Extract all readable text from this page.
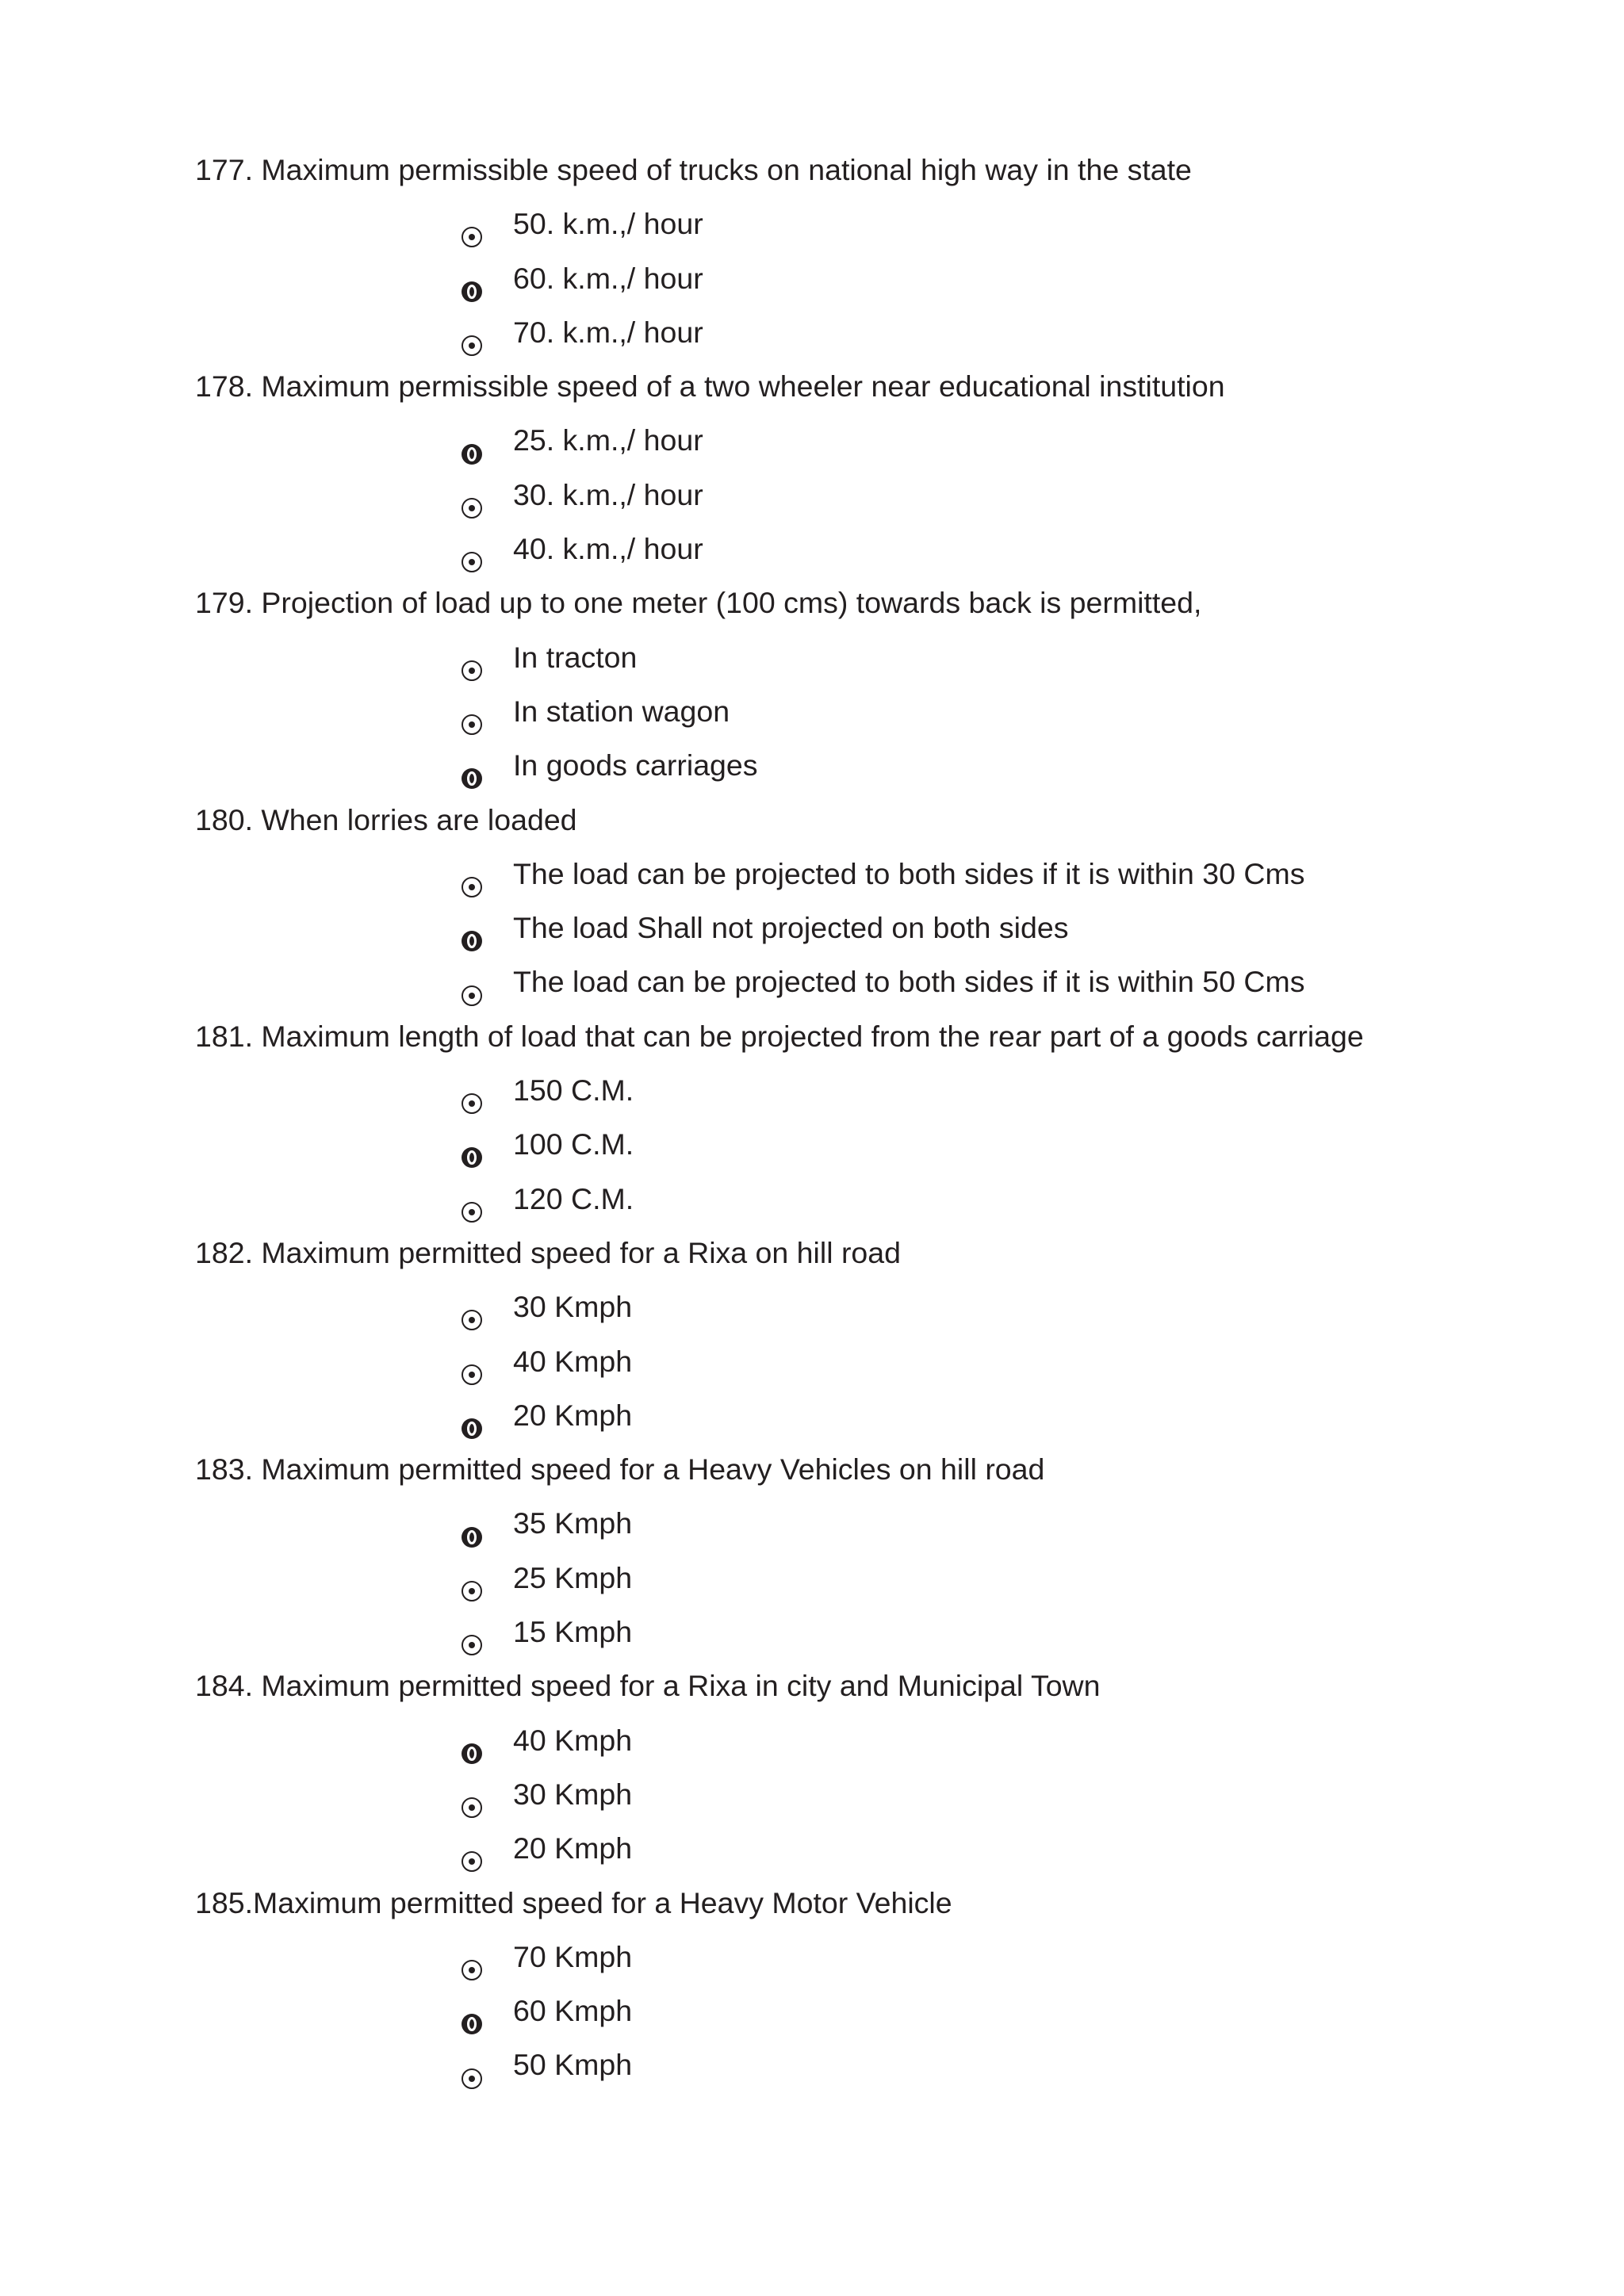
177. Maximum permissible speed of trucks on national high way in the state
50. k.m.,/ hour
60. k.m.,/ hour
70. k.m.,/ hour
178. Maximum permissible speed of a two wheeler near educational institution
25. k.m.,/ hour
30. k.m.,/ hour
40. k.m.,/ hour
179. Projection of load up to one meter (100 cms) towards back is permitted,
In tracton
In station wagon
In goods carriages
180. When lorries are loaded
The load can be projected to both sides if it is within 30 Cms
The load Shall not projected on both sides
The load can be projected to both sides if it is within 50 Cms
181. Maximum length of load that can be projected from the rear part of a goods carriage
150 C.M.
100 C.M.
120 C.M.
182. Maximum permitted speed for a Rixa on hill road
30 Kmph
40 Kmph
20 Kmph
183. Maximum permitted speed for a Heavy Vehicles on hill road
35 Kmph
25 Kmph
15 Kmph
184. Maximum permitted speed for a Rixa in city and Municipal Town
40 Kmph
30 Kmph
20 Kmph
185.Maximum permitted speed for a Heavy Motor Vehicle
70 Kmph
60 Kmph
50 Kmph
